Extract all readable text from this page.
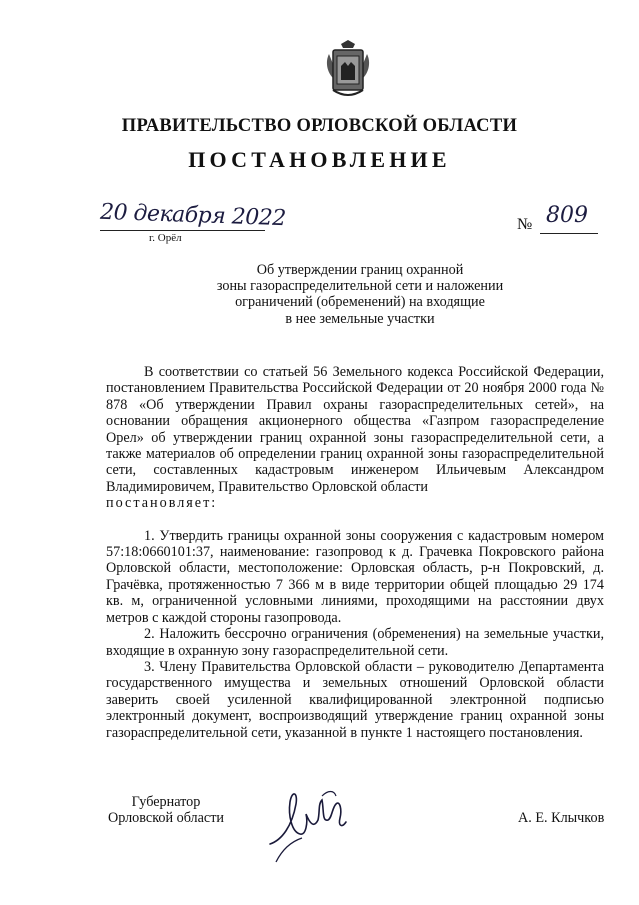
ПРАВИТЕЛЬСТВО ОРЛОВСКОЙ ОБЛАСТИ
ПОСТАНОВЛЕНИЕ
20 декабря 2022
г. Орёл
№ 809
Об утверждении границ охранной
зоны газораспределительной сети и наложении
ограничений (обременений) на входящие
в нее земельные участки

В соответствии со статьей 56 Земельного кодекса Российской Федерации, постановлением Правительства Российской Федерации от 20 ноября 2000 года № 878 «Об утверждении Правил охраны газораспределительных сетей», на основании обращения акционерного общества «Газпром газораспределение Орел» об утверждении границ охранной зоны газораспределительной сети, а также материалов об определении границ охранной зоны газораспределительной сети, составленных кадастровым инженером Ильичевым Александром Владимировичем, Правительство Орловской области

постановляет:

1. Утвердить границы охранной зоны сооружения с кадастровым номером 57:18:0660101:37, наименование: газопровод к д. Грачевка Покровского района Орловской области, местоположение: Орловская область, р-н Покровский, д. Грачёвка, протяженностью 7 366 м в виде территории общей площадью 29 174 кв. м, ограниченной условными линиями, проходящими на расстоянии двух метров с каждой стороны газопровода.

2. Наложить бессрочно ограничения (обременения) на земельные участки, входящие в охранную зону газораспределительной сети.

3. Члену Правительства Орловской области – руководителю Департамента государственного имущества и земельных отношений Орловской области заверить своей усиленной квалифицированной электронной подписью электронный документ, воспроизводящий утверждение границ охранной зоны газораспределительной сети, указанной в пункте 1 настоящего постановления.

Губернатор
Орловской области	А. Е. Клычков
